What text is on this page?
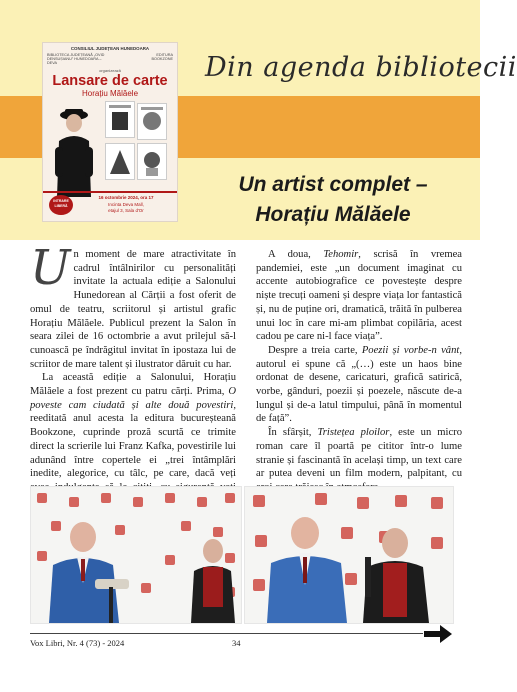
Din agenda bibliotecii
Un artist complet –
Horațiu Mălăele
CONSILIUL JUDEȚEAN HUNEDOARA
BIBLIOTECA JUDEȚEANĂ „OVID DENSUȘIANU” HUNEDOARA – DEVA
EDITURA BOOKZONE
organizează
Lansare de carte
Horațiu Mălăele
INTRARE LIBERĂ
16 octombrie 2024, ora 17
Incinta Deva Mall,
etajul 3, Sala d'Or

Un moment de mare atractivitate în cadrul întâlnirilor cu personalități invitate la actuala ediție a Salonului Hunedorean al Cărții a fost oferit de omul de teatru, scriitorul și artistul grafic Horațiu Mălăele. Publicul prezent la Salon în seara zilei de 16 octombrie a avut prilejul să-l cunoască pe îndrăgitul invitat în ipostaza lui de scriitor de mare talent și ilustrator dăruit cu har.

La această ediție a Salonului, Horațiu Mălăele a fost prezent cu patru cărți. Prima, O poveste cam ciudată și alte două povestiri, reeditată anul acesta la editura bucureșteană Bookzone, cuprinde proză scurtă ce trimite direct la scrierile lui Franz Kafka, povestirile lui adunând între copertele ei „trei întâmplări inedite, alegorice, cu tâlc, pe care, dacă veți

A doua, Tehomir, scrisă în vremea pandemiei, este „un document imaginat cu accente autobiografice ce povestește despre niște trecuți oameni și despre viața lor fantastică și, nu de puține ori, dramatică, trăită în pulberea unui loc în care mi-am plimbat copilăria, acest cadou pe care ni-l face viața”.

Despre a treia carte, Poezii și vorbe-n vânt, autorul ei spune că „(…) este un haos bine ordonat de desene, caricaturi, grafică satirică, vorbe, gânduri, poezii și poezele, născute de-a lungul și de-a latul timpului, până în momentul de față”.

În sfârșit, Tristețea ploilor, este un micro roman care îl poartă pe cititor într-o lume stranie și fascinantă în același timp, un text care ar putea deveni un film modern, palpitant, cu

Vox Libri, Nr. 4 (73) - 2024	34
